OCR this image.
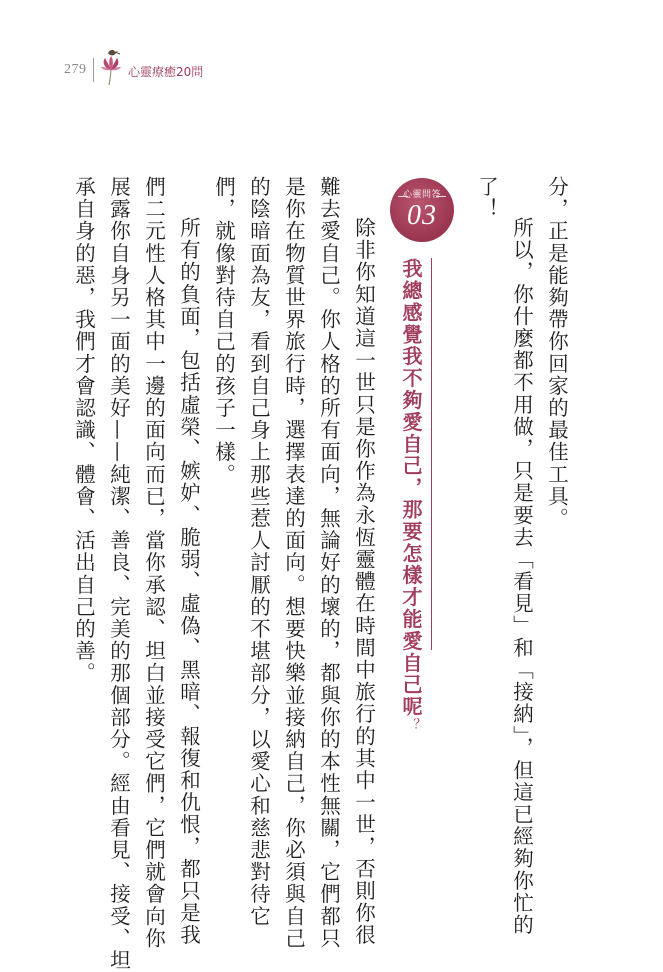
279	心靈療癒20問
分，正是能夠帶你回家的最佳工具。
所以，你什麼都不用做，只是要去「看見」和「接納」，但這已經夠你忙的
了！
心靈問答
03
我總感覺我不夠愛自己，那要怎樣才能愛自己呢？
除非你知道這一世只是你作為永恆靈體在時間中旅行的其中一世，否則你很
難去愛自己。你人格的所有面向，無論好的壞的，都與你的本性無關，它們都只
是你在物質世界旅行時，選擇表達的面向。想要快樂並接納自己，你必須與自己
的陰暗面為友，看到自己身上那些惹人討厭的不堪部分，以愛心和慈悲對待它
們，就像對待自己的孩子一樣。
所有的負面，包括虛榮、嫉妒、脆弱、虛偽、黑暗、報復和仇恨，都只是我
們二元性人格其中一邊的面向而已，當你承認、坦白並接受它們，它們就會向你
展露你自身另一面的美好——純潔、善良、完美的那個部分。經由看見、接受、坦
承自身的惡，我們才會認識、體會、活出自己的善。
